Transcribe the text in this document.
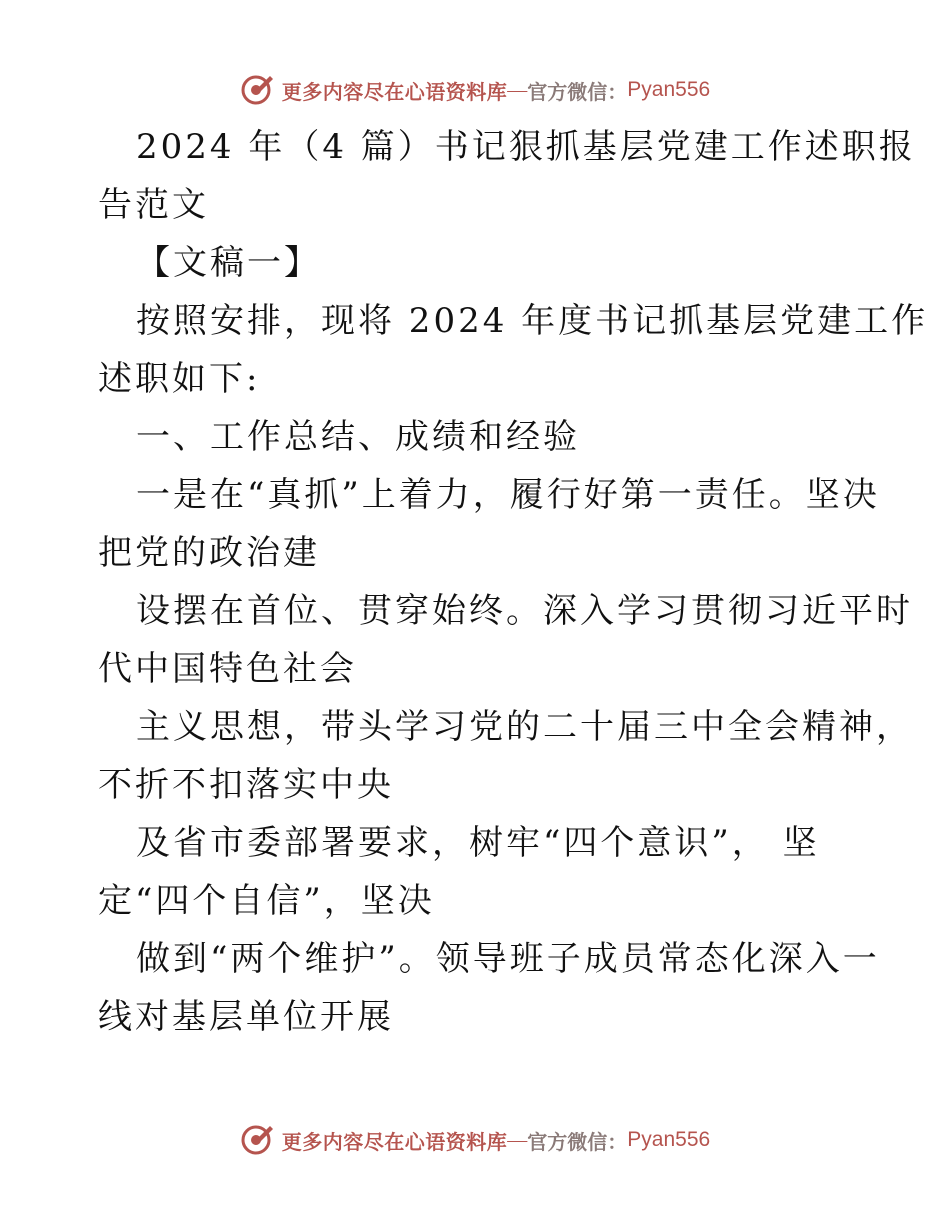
更多内容尽在心语资料库 — 官方微信： Pyan556
2024 年（4 篇）书记狠抓基层党建工作述职报
告范文
【文稿一】
按照安排，现将 2024 年度书记抓基层党建工作
述职如下:
一、工作总结、成绩和经验
一是在“真抓”上着力，履行好第一责任。坚决
把党的政治建
设摆在首位、贯穿始终。深入学习贯彻习近平时
代中国特色社会
主义思想，带头学习党的二十届三中全会精神，
不折不扣落实中央
及省市委部署要求，树牢“四个意识”， 坚
定“四个自信”，坚决
做到“两个维护”。领导班子成员常态化深入一
线对基层单位开展
更多内容尽在心语资料库 — 官方微信： Pyan556
